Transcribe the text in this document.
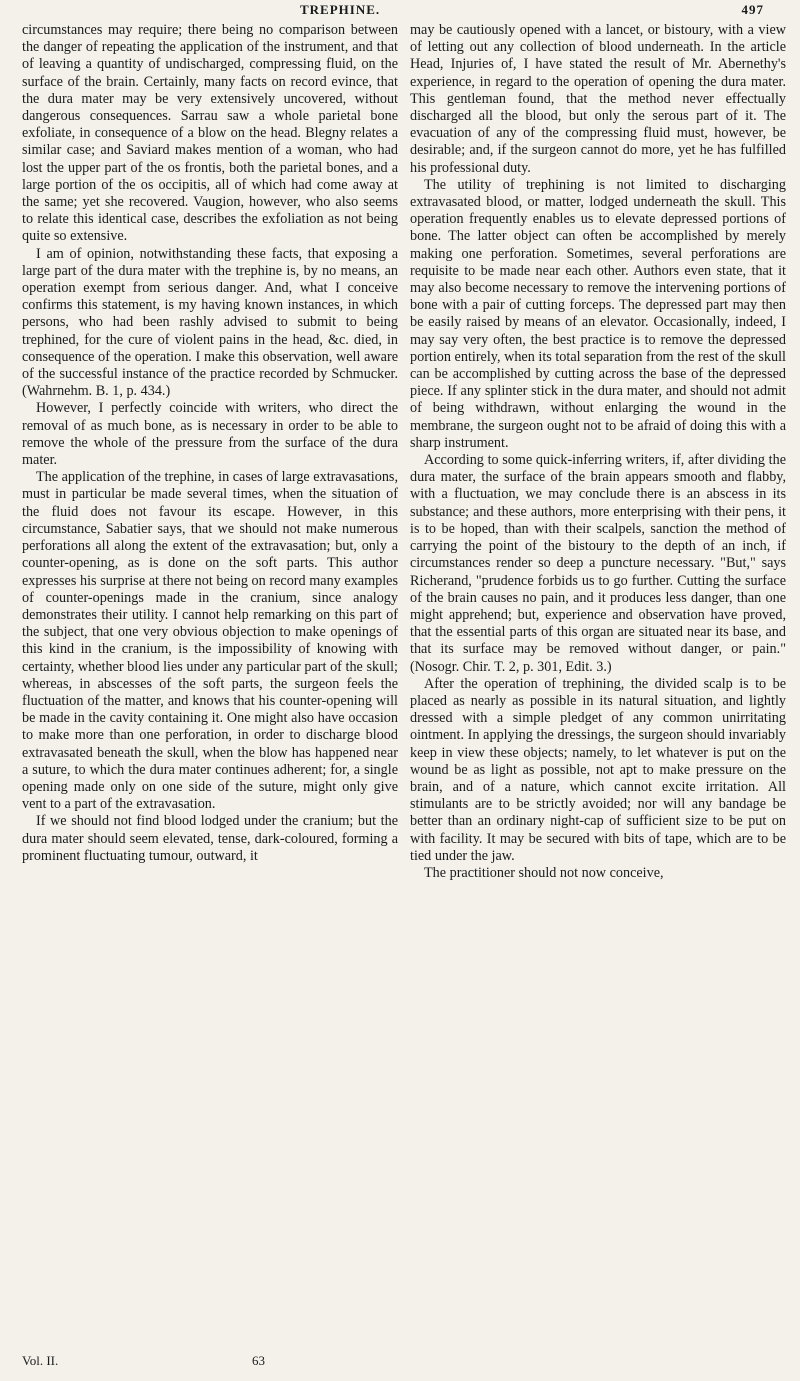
TREPHINE.	497

circumstances may require; there being no comparison between the danger of repeating the application of the instrument, and that of leaving a quantity of undischarged, compressing fluid, on the surface of the brain. Certainly, many facts on record evince, that the dura mater may be very extensively uncovered, without dangerous consequences. Sarrau saw a whole parietal bone exfoliate, in consequence of a blow on the head. Blegny relates a similar case; and Saviard makes mention of a woman, who had lost the upper part of the os frontis, both the parietal bones, and a large portion of the os occipitis, all of which had come away at the same; yet she recovered. Vaugion, however, who also seems to relate this identical case, describes the exfoliation as not being quite so extensive.

I am of opinion, notwithstanding these facts, that exposing a large part of the dura mater with the trephine is, by no means, an operation exempt from serious danger. And, what I conceive confirms this statement, is my having known instances, in which persons, who had been rashly advised to submit to being trephined, for the cure of violent pains in the head, &c. died, in consequence of the operation. I make this observation, well aware of the successful instance of the practice recorded by Schmucker. (Wahrnehm. B. 1, p. 434.)

However, I perfectly coincide with writers, who direct the removal of as much bone, as is necessary in order to be able to remove the whole of the pressure from the surface of the dura mater.

The application of the trephine, in cases of large extravasations, must in particular be made several times, when the situation of the fluid does not favour its escape. However, in this circumstance, Sabatier says, that we should not make numerous perforations all along the extent of the extravasation; but, only a counter-opening, as is done on the soft parts. This author expresses his surprise at there not being on record many examples of counter-openings made in the cranium, since analogy demonstrates their utility. I cannot help remarking on this part of the subject, that one very obvious objection to make openings of this kind in the cranium, is the impossibility of knowing with certainty, whether blood lies under any particular part of the skull; whereas, in abscesses of the soft parts, the surgeon feels the fluctuation of the matter, and knows that his counter-opening will be made in the cavity containing it. One might also have occasion to make more than one perforation, in order to discharge blood extravasated beneath the skull, when the blow has happened near a suture, to which the dura mater continues adherent; for, a single opening made only on one side of the suture, might only give vent to a part of the extravasation.

If we should not find blood lodged under the cranium; but the dura mater should seem elevated, tense, dark-coloured, forming a prominent fluctuating tumour, outward, it

may be cautiously opened with a lancet, or bistoury, with a view of letting out any collection of blood underneath. In the article Head, Injuries of, I have stated the result of Mr. Abernethy's experience, in regard to the operation of opening the dura mater. This gentleman found, that the method never effectually discharged all the blood, but only the serous part of it. The evacuation of any of the compressing fluid must, however, be desirable; and, if the surgeon cannot do more, yet he has fulfilled his professional duty.

The utility of trephining is not limited to discharging extravasated blood, or matter, lodged underneath the skull. This operation frequently enables us to elevate depressed portions of bone. The latter object can often be accomplished by merely making one perforation. Sometimes, several perforations are requisite to be made near each other. Authors even state, that it may also become necessary to remove the intervening portions of bone with a pair of cutting forceps. The depressed part may then be easily raised by means of an elevator. Occasionally, indeed, I may say very often, the best practice is to remove the depressed portion entirely, when its total separation from the rest of the skull can be accomplished by cutting across the base of the depressed piece. If any splinter stick in the dura mater, and should not admit of being withdrawn, without enlarging the wound in the membrane, the surgeon ought not to be afraid of doing this with a sharp instrument.

According to some quick-inferring writers, if, after dividing the dura mater, the surface of the brain appears smooth and flabby, with a fluctuation, we may conclude there is an abscess in its substance; and these authors, more enterprising with their pens, it is to be hoped, than with their scalpels, sanction the method of carrying the point of the bistoury to the depth of an inch, if circumstances render so deep a puncture necessary. "But," says Richerand, "prudence forbids us to go further. Cutting the surface of the brain causes no pain, and it produces less danger, than one might apprehend; but, experience and observation have proved, that the essential parts of this organ are situated near its base, and that its surface may be removed without danger, or pain." (Nosogr. Chir. T. 2, p. 301, Edit. 3.)

After the operation of trephining, the divided scalp is to be placed as nearly as possible in its natural situation, and lightly dressed with a simple pledget of any common unirritating ointment. In applying the dressings, the surgeon should invariably keep in view these objects; namely, to let whatever is put on the wound be as light as possible, not apt to make pressure on the brain, and of a nature, which cannot excite irritation. All stimulants are to be strictly avoided; nor will any bandage be better than an ordinary night-cap of sufficient size to be put on with facility. It may be secured with bits of tape, which are to be tied under the jaw.

The practitioner should not now conceive,

Vol. II.	63
